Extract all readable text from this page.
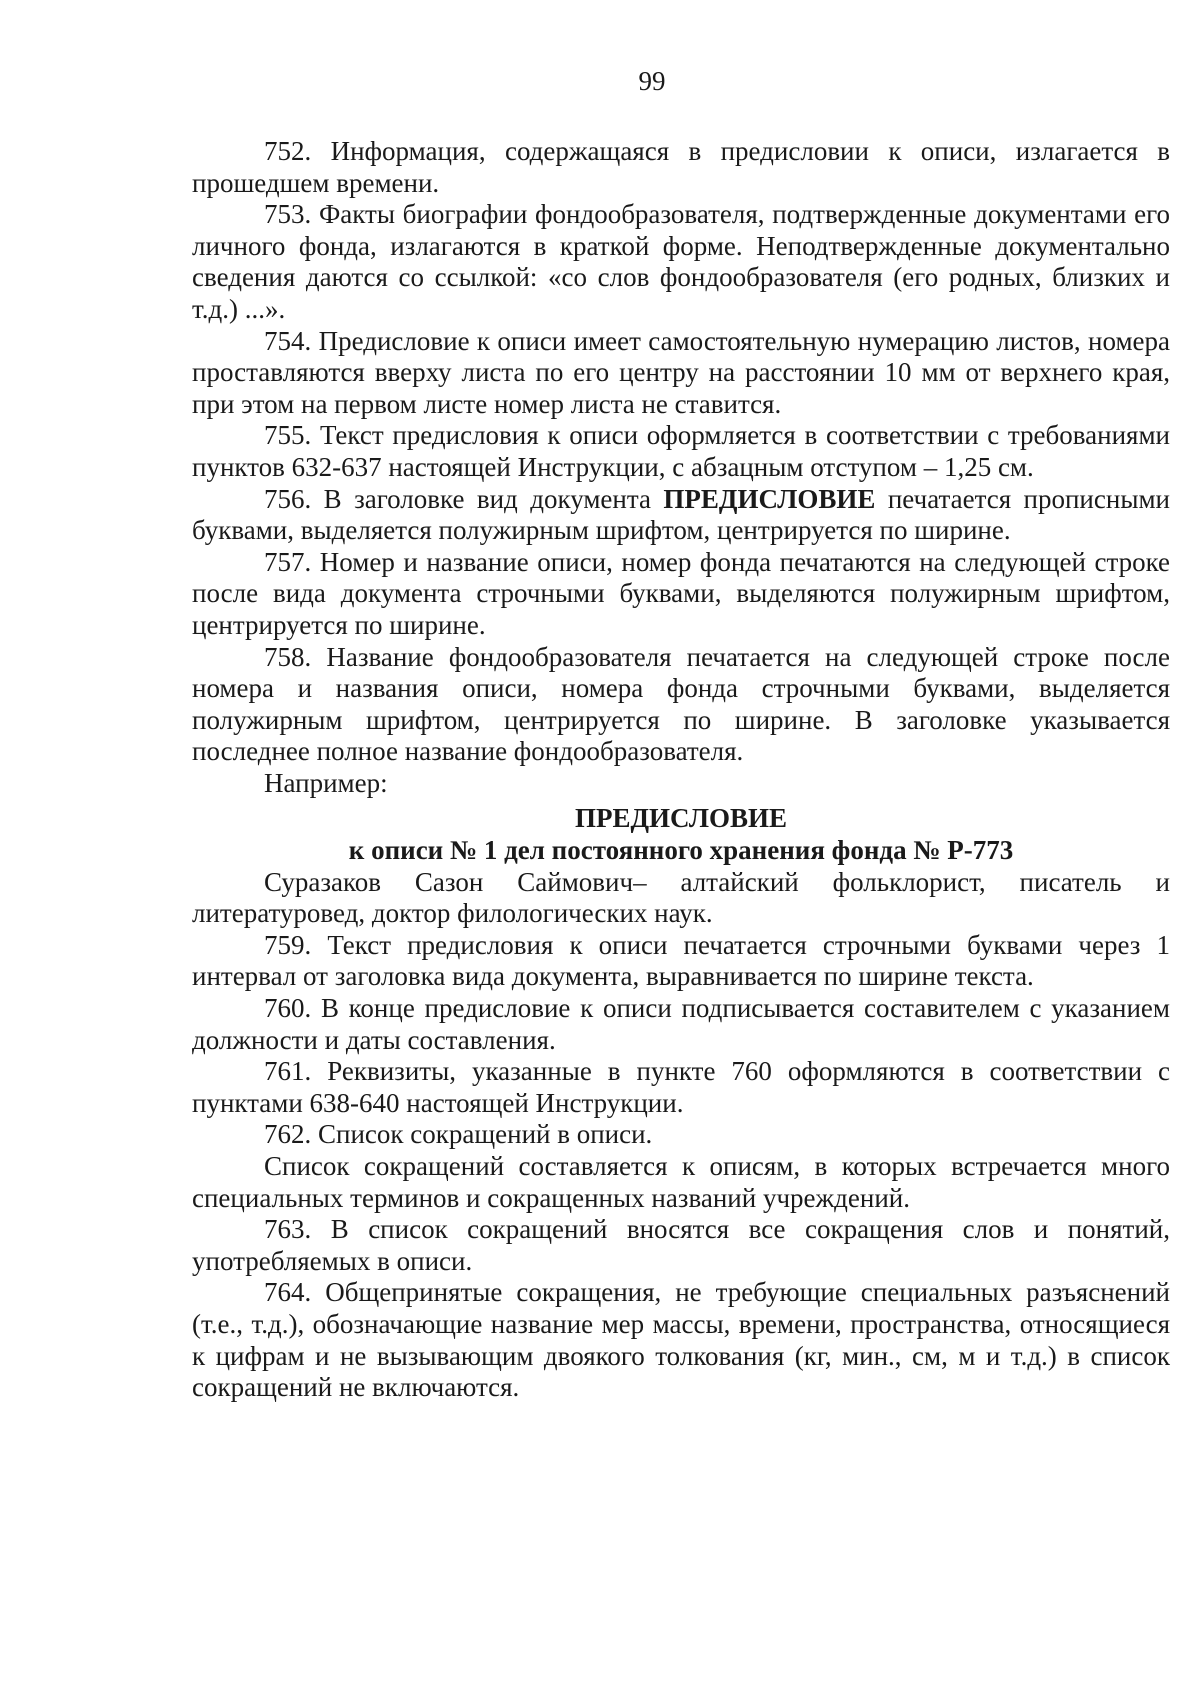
99

752. Информация, содержащаяся в предисловии к описи, излагается в прошедшем времени.

753. Факты биографии фондообразователя, подтвержденные документами его личного фонда, излагаются в краткой форме. Неподтвержденные документально сведения даются со ссылкой: «со слов фондообразователя (его родных, близких и т.д.) ...».

754. Предисловие к описи имеет самостоятельную нумерацию листов, номера проставляются вверху листа по его центру на расстоянии 10 мм от верхнего края, при этом на первом листе номер листа не ставится.

755. Текст предисловия к описи оформляется в соответствии с требованиями пунктов 632-637 настоящей Инструкции, с абзацным отступом – 1,25 см.

756. В заголовке вид документа ПРЕДИСЛОВИЕ печатается прописными буквами, выделяется полужирным шрифтом, центрируется по ширине.

757. Номер и название описи, номер фонда печатаются на следующей строке после вида документа строчными буквами, выделяются полужирным шрифтом, центрируется по ширине.

758. Название фондообразователя печатается на следующей строке после номера и названия описи, номера фонда строчными буквами, выделяется полужирным шрифтом, центрируется по ширине. В заголовке указывается последнее полное название фондообразователя.

Например:

ПРЕДИСЛОВИЕ

к описи № 1 дел постоянного хранения фонда № Р-773

Суразаков Сазон Саймович– алтайский фольклорист, писатель и литературовед, доктор филологических наук.

759. Текст предисловия к описи печатается строчными буквами через 1 интервал от заголовка вида документа, выравнивается по ширине текста.

760. В конце предисловие к описи подписывается составителем с указанием должности и даты составления.

761. Реквизиты, указанные в пункте 760 оформляются в соответствии с пунктами 638-640 настоящей Инструкции.

762. Список сокращений в описи.

Список сокращений составляется к описям, в которых встречается много специальных терминов и сокращенных названий учреждений.

763. В список сокращений вносятся все сокращения слов и понятий, употребляемых в описи.

764. Общепринятые сокращения, не требующие специальных разъяснений (т.е., т.д.), обозначающие название мер массы, времени, пространства, относящиеся к цифрам и не вызывающим двоякого толкования (кг, мин., см, м и т.д.) в список сокращений не включаются.
